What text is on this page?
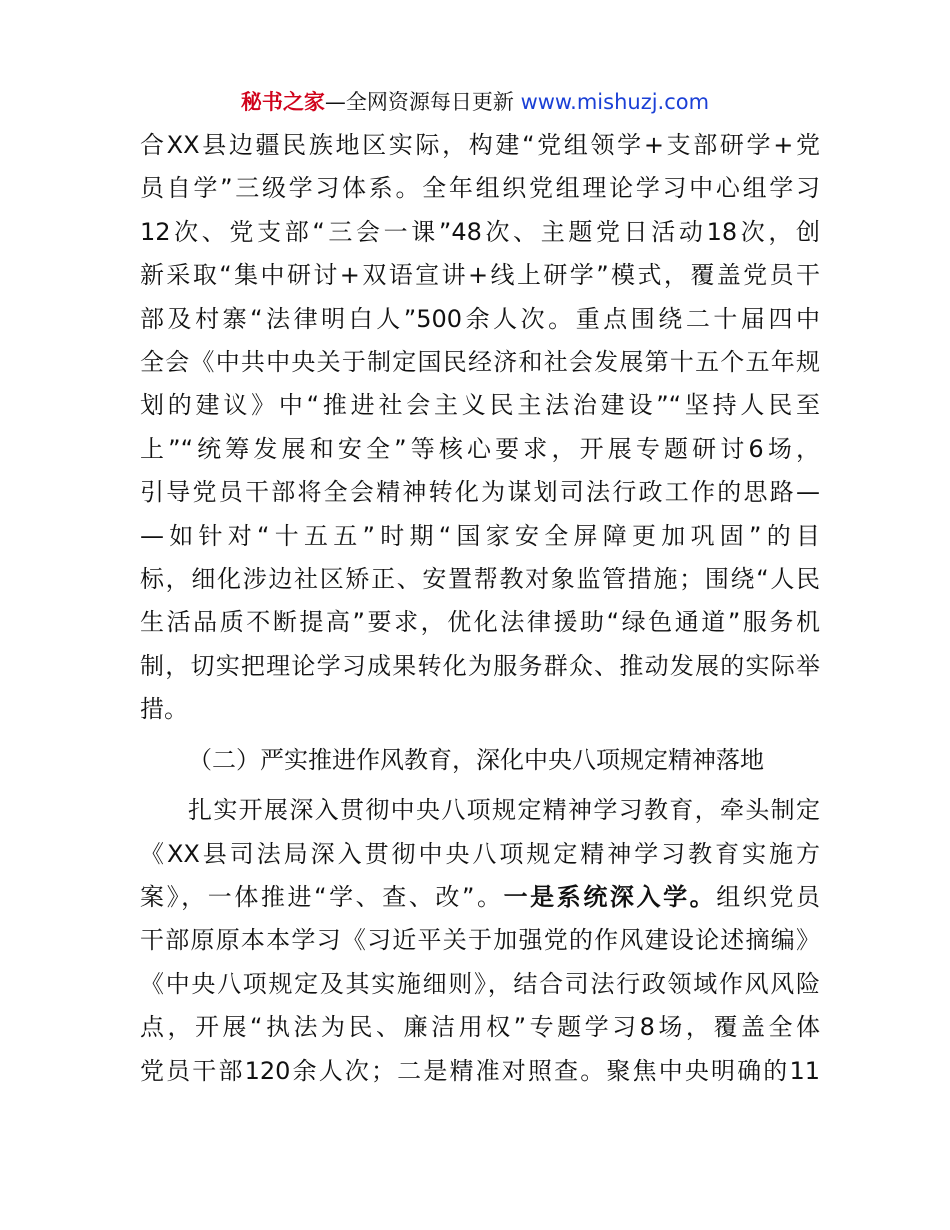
秘书之家—全网资源每日更新 www.mishuzj.com
合XX县边疆民族地区实际，构建“党组领学+支部研学+党
员自学”三级学习体系。全年组织党组理论学习中心组学习
12次、党支部“三会一课”48次、主题党日活动18次，创
新采取“集中研讨+双语宣讲+线上研学”模式，覆盖党员干
部及村寨“法律明白人”500余人次。重点围绕二十届四中
全会《中共中央关于制定国民经济和社会发展第十五个五年规
划的建议》中“推进社会主义民主法治建设”“坚持人民至
上”“统筹发展和安全”等核心要求，开展专题研讨6场，
引导党员干部将全会精神转化为谋划司法行政工作的思路—
—如针对“十五五”时期“国家安全屏障更加巩固”的目
标，细化涉边社区矫正、安置帮教对象监管措施；围绕“人民
生活品质不断提高”要求，优化法律援助“绿色通道”服务机
制，切实把理论学习成果转化为服务群众、推动发展的实际举
措。
（二）严实推进作风教育，深化中央八项规定精神落地
扎实开展深入贯彻中央八项规定精神学习教育，牵头制定
《XX县司法局深入贯彻中央八项规定精神学习教育实施方
案》，一体推进“学、查、改”。一是系统深入学。组织党员
干部原原本本学习《习近平关于加强党的作风建设论述摘编》
《中央八项规定及其实施细则》，结合司法行政领域作风风险
点，开展“执法为民、廉洁用权”专题学习8场，覆盖全体
党员干部120余人次；二是精准对照查。聚焦中央明确的11
